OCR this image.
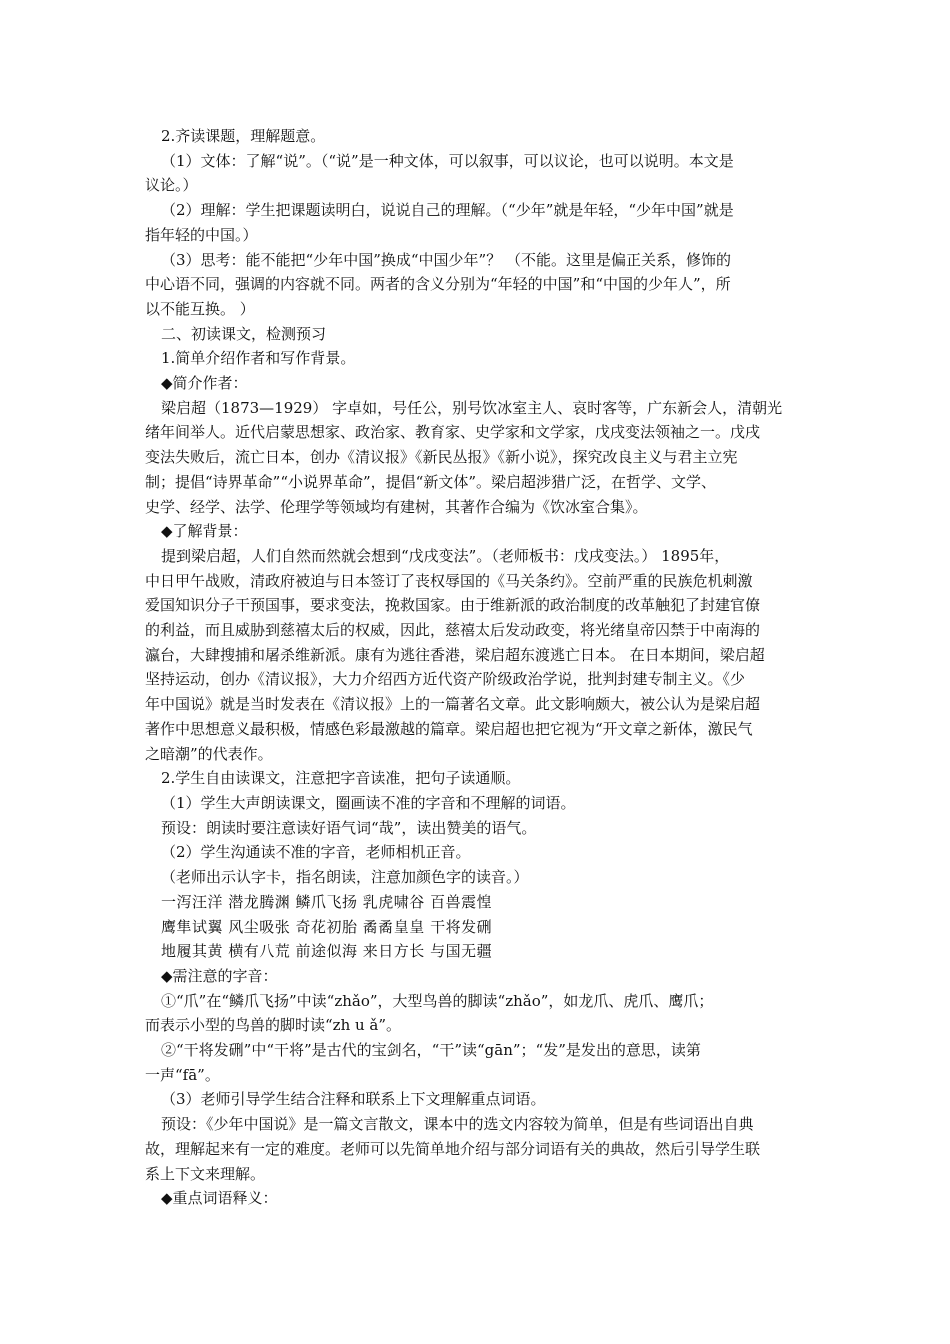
2.齐读课题，理解题意。
（1）文体：了解“说”。（“说”是一种文体，可以叙事，可以议论，也可以说明。本文是
议论。）
（2）理解：学生把课题读明白，说说自己的理解。（“少年”就是年轻，“少年中国”就是
指年轻的中国。）
（3）思考：能不能把“少年中国”换成“中国少年”？ （不能。这里是偏正关系，修饰的
中心语不同，强调的内容就不同。两者的含义分别为“年轻的中国”和“中国的少年人”，所
以不能互换。 ）
二、初读课文，检测预习
1.简单介绍作者和写作背景。
◆简介作者：
梁启超（1873—1929） 字卓如，号任公，别号饮冰室主人、哀时客等，广东新会人，清朝光
绪年间举人。近代启蒙思想家、政治家、教育家、史学家和文学家，戊戌变法领袖之一。戊戌
变法失败后，流亡日本，创办《清议报》《新民丛报》《新小说》，探究改良主义与君主立宪
制；提倡“诗界革命”“小说界革命”，提倡“新文体”。梁启超涉猎广泛，在哲学、文学、
史学、经学、法学、伦理学等领域均有建树，其著作合编为《饮冰室合集》。
◆了解背景：
提到梁启超，人们自然而然就会想到“戊戌变法”。（老师板书：戊戌变法。） 1895年，
中日甲午战败，清政府被迫与日本签订了丧权辱国的《马关条约》。空前严重的民族危机刺激
爱国知识分子干预国事，要求变法，挽救国家。由于维新派的政治制度的改革触犯了封建官僚
的利益，而且威胁到慈禧太后的权威，因此，慈禧太后发动政变，将光绪皇帝囚禁于中南海的
瀛台，大肆搜捕和屠杀维新派。康有为逃往香港，梁启超东渡逃亡日本。 在日本期间，梁启超
坚持运动，创办《清议报》，大力介绍西方近代资产阶级政治学说，批判封建专制主义。《少
年中国说》就是当时发表在《清议报》上的一篇著名文章。此文影响颇大，被公认为是梁启超
著作中思想意义最积极，情感色彩最激越的篇章。梁启超也把它视为“开文章之新体，激民气
之暗潮”的代表作。
2.学生自由读课文，注意把字音读准，把句子读通顺。
（1）学生大声朗读课文，圈画读不准的字音和不理解的词语。
预设：朗读时要注意读好语气词“哉”，读出赞美的语气。
（2）学生沟通读不准的字音，老师相机正音。
（老师出示认字卡，指名朗读，注意加颜色字的读音。）
一泻汪洋 潜龙腾渊 鳞爪飞扬 乳虎啸谷 百兽震惶
鹰隼试翼 风尘吸张 奇花初胎 矞矞皇皇 干将发硎
地履其黄 横有八荒 前途似海 来日方长 与国无疆
◆需注意的字音：
①“爪”在“鳞爪飞扬”中读“zhǎo”，大型鸟兽的脚读“zhǎo”，如龙爪、虎爪、鹰爪；
而表示小型的鸟兽的脚时读“zh u ǎ”。
②“干将发硎”中“干将”是古代的宝剑名，“干”读“gān”；“发”是发出的意思，读第
一声“fā”。
（3）老师引导学生结合注释和联系上下文理解重点词语。
预设：《少年中国说》是一篇文言散文，课本中的选文内容较为简单，但是有些词语出自典
故，理解起来有一定的难度。老师可以先简单地介绍与部分词语有关的典故，然后引导学生联
系上下文来理解。
◆重点词语释义：
